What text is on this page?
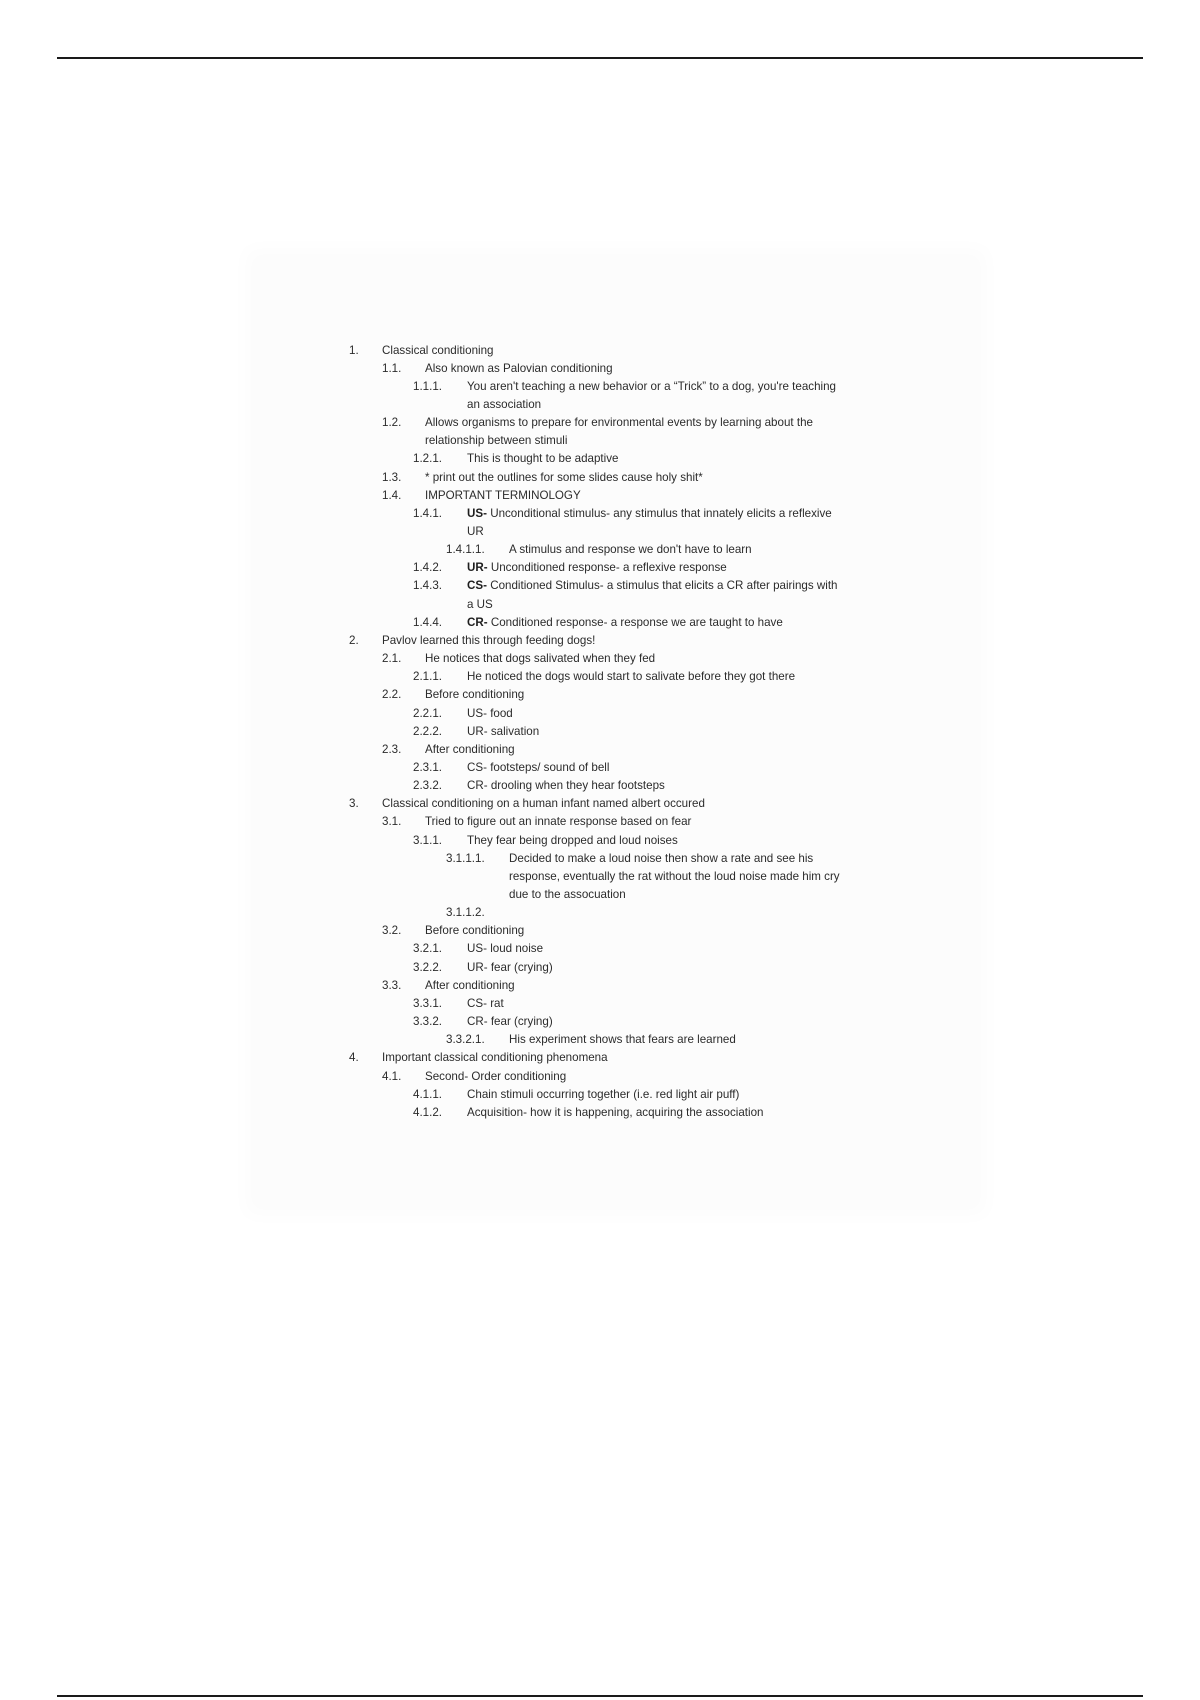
1. Classical conditioning
1.1. Also known as Palovian conditioning
1.1.1. You aren't teaching a new behavior or a “Trick” to a dog, you're teaching
an association
1.2. Allows organisms to prepare for environmental events by learning about the
relationship between stimuli
1.2.1. This is thought to be adaptive
1.3. * print out the outlines for some slides cause holy shit*
1.4. IMPORTANT TERMINOLOGY
1.4.1. US- Unconditional stimulus- any stimulus that innately elicits a reflexive
UR
1.4.1.1. A stimulus and response we don't have to learn
1.4.2. UR- Unconditioned response- a reflexive response
1.4.3. CS- Conditioned Stimulus- a stimulus that elicits a CR after pairings with
a US
1.4.4. CR- Conditioned response- a response we are taught to have
2. Pavlov learned this through feeding dogs!
2.1. He notices that dogs salivated when they fed
2.1.1. He noticed the dogs would start to salivate before they got there
2.2. Before conditioning
2.2.1. US- food
2.2.2. UR- salivation
2.3. After conditioning
2.3.1. CS- footsteps/ sound of bell
2.3.2. CR- drooling when they hear footsteps
3. Classical conditioning on a human infant named albert occured
3.1. Tried to figure out an innate response based on fear
3.1.1. They fear being dropped and loud noises
3.1.1.1. Decided to make a loud noise then show a rate and see his
response, eventually the rat without the loud noise made him cry
due to the assocuation
3.1.1.2.
3.2. Before conditioning
3.2.1. US- loud noise
3.2.2. UR- fear (crying)
3.3. After conditioning
3.3.1. CS- rat
3.3.2. CR- fear (crying)
3.3.2.1. His experiment shows that fears are learned
4. Important classical conditioning phenomena
4.1. Second- Order conditioning
4.1.1. Chain stimuli occurring together (i.e. red light air puff)
4.1.2. Acquisition- how it is happening, acquiring the association
